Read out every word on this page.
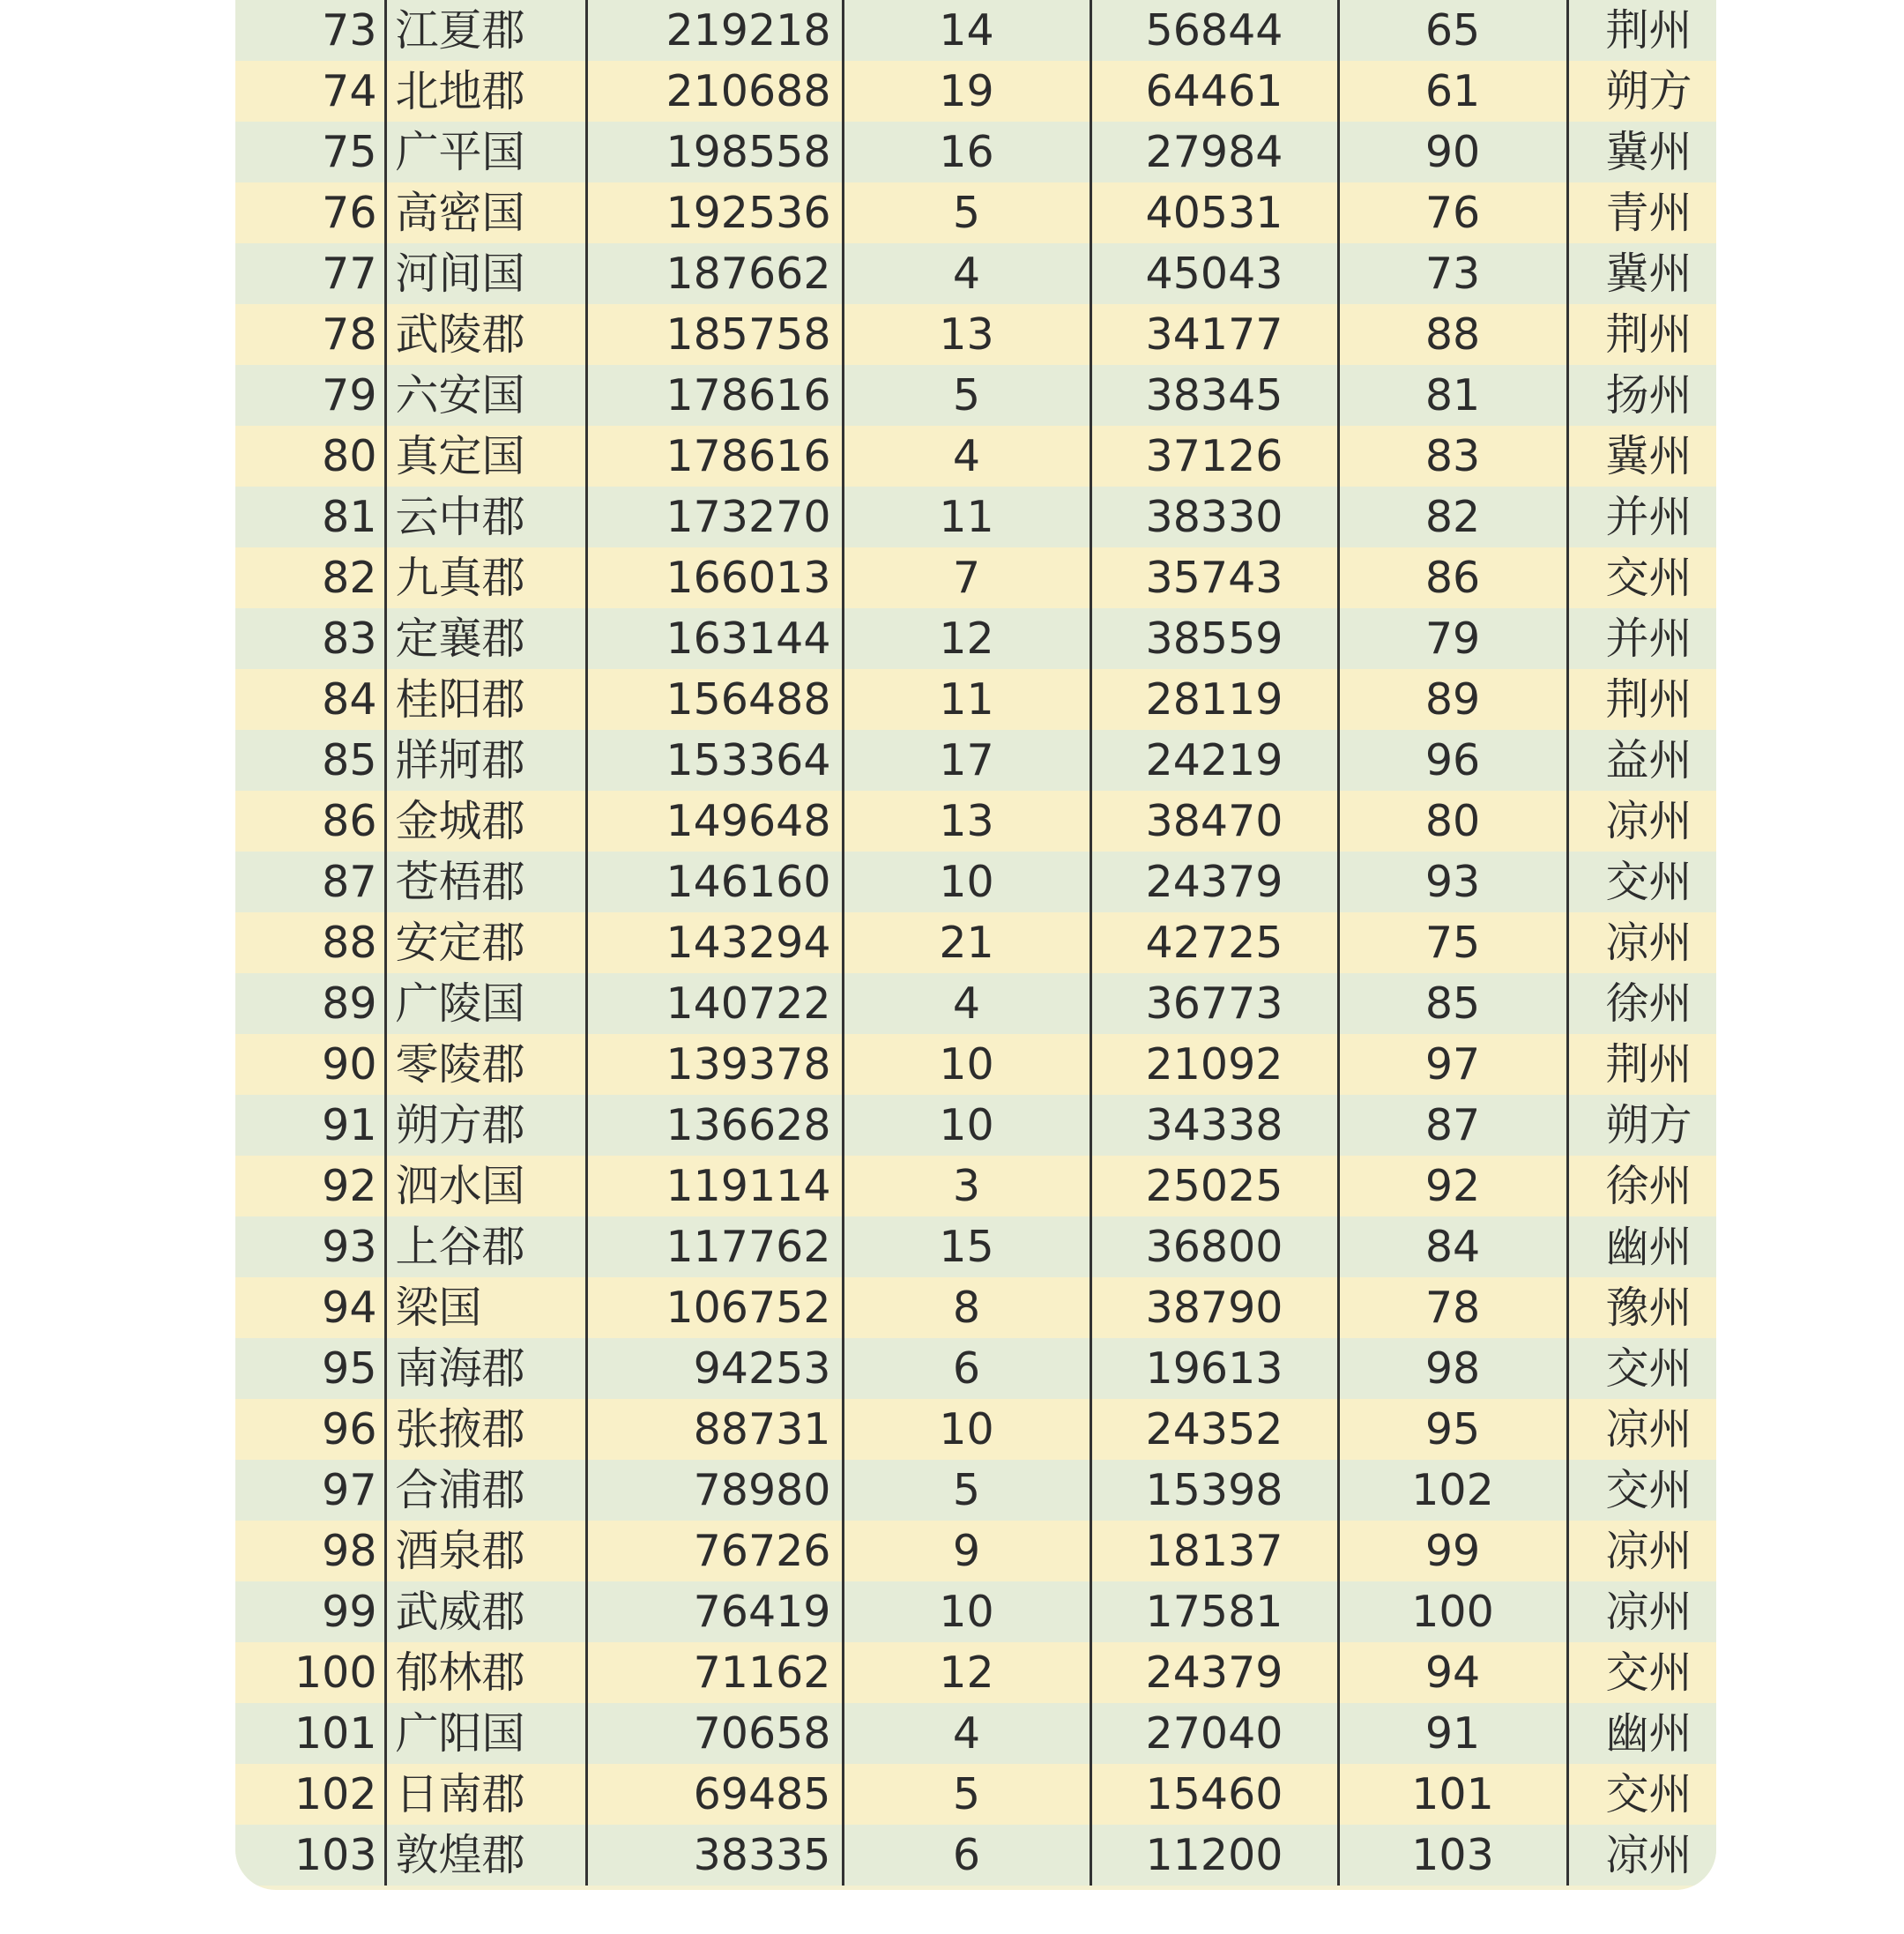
73	江夏郡	219218	14	56844	65	荆州
74	北地郡	210688	19	64461	61	朔方
75	广平国	198558	16	27984	90	冀州
76	高密国	192536	5	40531	76	青州
77	河间国	187662	4	45043	73	冀州
78	武陵郡	185758	13	34177	88	荆州
79	六安国	178616	5	38345	81	扬州
80	真定国	178616	4	37126	83	冀州
81	云中郡	173270	11	38330	82	并州
82	九真郡	166013	7	35743	86	交州
83	定襄郡	163144	12	38559	79	并州
84	桂阳郡	156488	11	28119	89	荆州
85	牂牁郡	153364	17	24219	96	益州
86	金城郡	149648	13	38470	80	凉州
87	苍梧郡	146160	10	24379	93	交州
88	安定郡	143294	21	42725	75	凉州
89	广陵国	140722	4	36773	85	徐州
90	零陵郡	139378	10	21092	97	荆州
91	朔方郡	136628	10	34338	87	朔方
92	泗水国	119114	3	25025	92	徐州
93	上谷郡	117762	15	36800	84	幽州
94	梁国	106752	8	38790	78	豫州
95	南海郡	94253	6	19613	98	交州
96	张掖郡	88731	10	24352	95	凉州
97	合浦郡	78980	5	15398	102	交州
98	酒泉郡	76726	9	18137	99	凉州
99	武威郡	76419	10	17581	100	凉州
100	郁林郡	71162	12	24379	94	交州
101	广阳国	70658	4	27040	91	幽州
102	日南郡	69485	5	15460	101	交州
103	敦煌郡	38335	6	11200	103	凉州
